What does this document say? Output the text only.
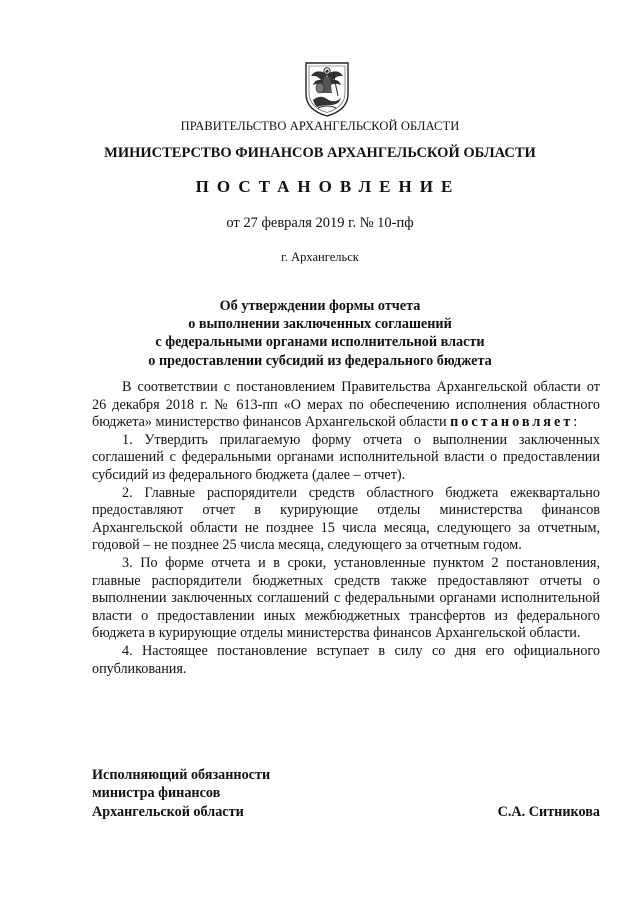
ПРАВИТЕЛЬСТВО АРХАНГЕЛЬСКОЙ ОБЛАСТИ
МИНИСТЕРСТВО ФИНАНСОВ АРХАНГЕЛЬСКОЙ ОБЛАСТИ
ПОСТАНОВЛЕНИЕ
от 27 февраля 2019 г. № 10-пф
г. Архангельск
Об утверждении формы отчета
о выполнении заключенных соглашений
с федеральными органами исполнительной власти
о предоставлении субсидий из федерального бюджета

В соответствии с постановлением Правительства Архангельской области от 26 декабря 2018 г. № 613-пп «О мерах по обеспечению исполнения областного бюджета» министерство финансов Архангельской области постановляет:

1. Утвердить прилагаемую форму отчета о выполнении заключенных соглашений с федеральными органами исполнительной власти о предоставлении субсидий из федерального бюджета (далее – отчет).

2. Главные распорядители средств областного бюджета ежеквартально предоставляют отчет в курирующие отделы министерства финансов Архангельской области не позднее 15 числа месяца, следующего за отчетным, годовой – не позднее 25 числа месяца, следующего за отчетным годом.

3. По форме отчета и в сроки, установленные пунктом 2 постановления, главные распорядители бюджетных средств также предоставляют отчеты о выполнении заключенных соглашений с федеральными органами исполнительной власти о предоставлении иных межбюджетных трансфертов из федерального бюджета в курирующие отделы министерства финансов Архангельской области.

4. Настоящее постановление вступает в силу со дня его официального опубликования.

Исполняющий обязанности
министра финансов
Архангельской области	С.А. Ситникова
